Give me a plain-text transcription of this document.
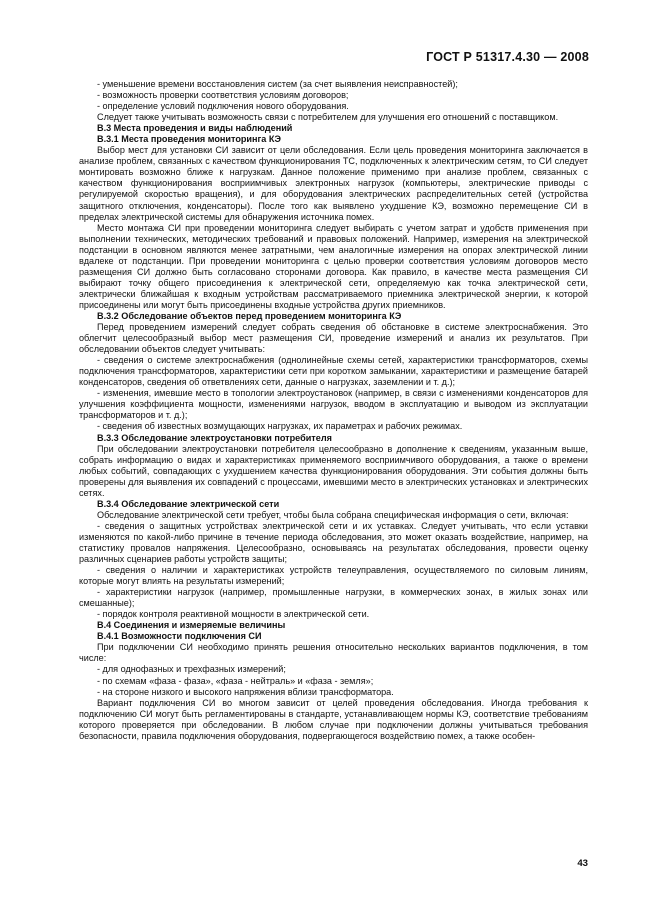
ГОСТ Р 51317.4.30 — 2008

- уменьшение времени восстановления систем (за счет выявления неисправностей);

- возможность проверки соответствия условиям договоров;

- определение условий подключения нового оборудования.

Следует также учитывать возможность связи с потребителем для улучшения его отношений с поставщиком.

В.3 Места проведения и виды наблюдений
В.3.1 Места проведения мониторинга КЭ

Выбор мест для установки СИ зависит от цели обследования. Если цель проведения мониторинга заключается в анализе проблем, связанных с качеством функционирования ТС, подключенных к электрическим сетям, то СИ следует монтировать возможно ближе к нагрузкам. Данное положение применимо при анализе проблем, связанных с качеством функционирования восприимчивых электронных нагрузок (компьютеры, электрические приводы с регулируемой скоростью вращения), и для оборудования электрических распределительных сетей (устройства защитного отключения, конденсаторы). После того как выявлено ухудшение КЭ, возможно перемещение СИ в пределах электрической системы для обнаружения источника помех.

Место монтажа СИ при проведении мониторинга следует выбирать с учетом затрат и удобств применения при выполнении технических, методических требований и правовых положений. Например, измерения на электрической подстанции в основном являются менее затратными, чем аналогичные измерения на опорах электрической линии вдалеке от подстанции. При проведении мониторинга с целью проверки соответствия условиям договоров место размещения СИ должно быть согласовано сторонами договора. Как правило, в качестве места размещения СИ выбирают точку общего присоединения к электрической сети, определяемую как точка электрической сети, электрически ближайшая к входным устройствам рассматриваемого приемника электрической энергии, к которой присоединены или могут быть присоединены входные устройства других приемников.

В.3.2 Обследование объектов перед проведением мониторинга КЭ

Перед проведением измерений следует собрать сведения об обстановке в системе электроснабжения. Это облегчит целесообразный выбор мест размещения СИ, проведение измерений и анализ их результатов. При обследовании объектов следует учитывать:

- сведения о системе электроснабжения (однолинейные схемы сетей, характеристики трансформаторов, схемы подключения трансформаторов, характеристики сети при коротком замыкании, характеристики и размещение батарей конденсаторов, сведения об ответвлениях сети, данные о нагрузках, заземлении и т. д.);

- изменения, имевшие место в топологии электроустановок (например, в связи с изменениями конденсаторов для улучшения коэффициента мощности, изменениями нагрузок, вводом в эксплуатацию и выводом из эксплуатации трансформаторов и т. д.);

- сведения об известных возмущающих нагрузках, их параметрах и рабочих режимах.

В.3.3 Обследование электроустановки потребителя

При обследовании электроустановки потребителя целесообразно в дополнение к сведениям, указанным выше, собрать информацию о видах и характеристиках применяемого восприимчивого оборудования, а также о времени любых событий, совпадающих с ухудшением качества функционирования оборудования. Эти события должны быть проверены для выявления их совпадений с процессами, имевшими место в электрических установках и электрических сетях.

В.3.4 Обследование электрической сети

Обследование электрической сети требует, чтобы была собрана специфическая информация о сети, включая:

- сведения о защитных устройствах электрической сети и их уставках. Следует учитывать, что если уставки изменяются по какой-либо причине в течение периода обследования, это может оказать воздействие, например, на статистику провалов напряжения. Целесообразно, основываясь на результатах обследования, провести оценку различных сценариев работы устройств защиты;

- сведения о наличии и характеристиках устройств телеуправления, осуществляемого по силовым линиям, которые могут влиять на результаты измерений;

- характеристики нагрузок (например, промышленные нагрузки, в коммерческих зонах, в жилых зонах или смешанные);

- порядок контроля реактивной мощности в электрической сети.

В.4 Соединения и измеряемые величины
В.4.1 Возможности подключения СИ

При подключении СИ необходимо принять решения относительно нескольких вариантов подключения, в том числе:

- для однофазных и трехфазных измерений;

- по схемам «фаза - фаза», «фаза - нейтраль» и «фаза - земля»;

- на стороне низкого и высокого напряжения вблизи трансформатора.

Вариант подключения СИ во многом зависит от целей проведения обследования. Иногда требования к подключению СИ могут быть регламентированы в стандарте, устанавливающем нормы КЭ, соответствие требованиям которого проверяется при обследовании. В любом случае при подключении должны учитываться требования безопасности, правила подключения оборудования, подвергающегося воздействию помех, а также особен-

43
